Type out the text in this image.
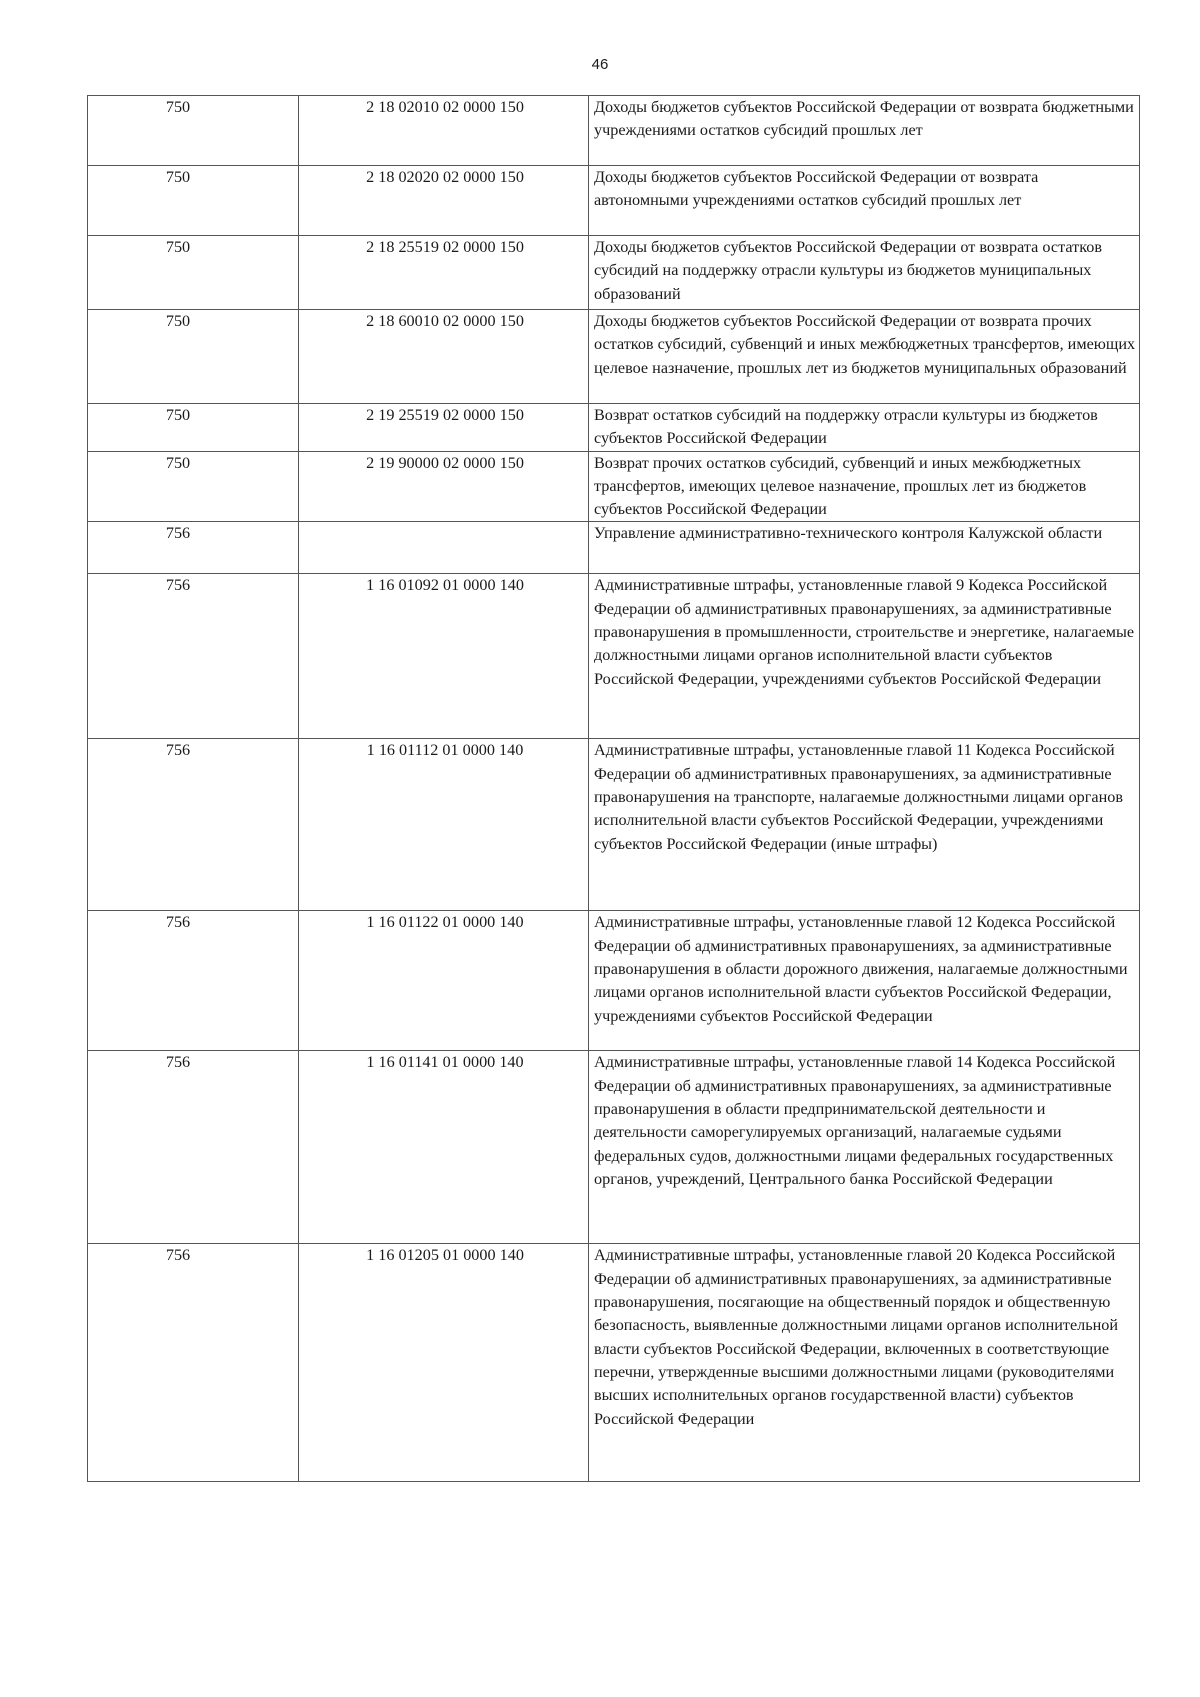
46
750	2 18 02010 02 0000 150	Доходы бюджетов субъектов Российской Федерации от возврата бюджетными учреждениями остатков субсидий прошлых лет
750	2 18 02020 02 0000 150	Доходы бюджетов субъектов Российской Федерации от возврата автономными учреждениями остатков субсидий прошлых лет
750	2 18 25519 02 0000 150	Доходы бюджетов субъектов Российской Федерации от возврата остатков субсидий на поддержку отрасли культуры из бюджетов муниципальных образований
750	2 18 60010 02 0000 150	Доходы бюджетов субъектов Российской Федерации от возврата прочих остатков субсидий, субвенций и иных межбюджетных трансфертов, имеющих целевое назначение, прошлых лет из бюджетов муниципальных образований
750	2 19 25519 02 0000 150	Возврат остатков субсидий на поддержку отрасли культуры из бюджетов субъектов Российской Федерации
750	2 19 90000 02 0000 150	Возврат прочих остатков субсидий, субвенций и иных межбюджетных трансфертов, имеющих целевое назначение, прошлых лет из бюджетов субъектов Российской Федерации
756		Управление административно-технического контроля Калужской области
756	1 16 01092 01 0000 140	Административные штрафы, установленные главой 9 Кодекса Российской Федерации об административных правонарушениях, за административные правонарушения в промышленности, строительстве и энергетике, налагаемые должностными лицами органов исполнительной власти субъектов Российской Федерации, учреждениями субъектов Российской Федерации
756	1 16 01112 01 0000 140	Административные штрафы, установленные главой 11 Кодекса Российской Федерации об административных правонарушениях, за административные правонарушения на транспорте, налагаемые должностными лицами органов исполнительной власти субъектов Российской Федерации, учреждениями субъектов Российской Федерации (иные штрафы)
756	1 16 01122 01 0000 140	Административные штрафы, установленные главой 12 Кодекса Российской Федерации об административных правонарушениях, за административные правонарушения в области дорожного движения, налагаемые должностными лицами органов исполнительной власти субъектов Российской Федерации, учреждениями субъектов Российской Федерации
756	1 16 01141 01 0000 140	Административные штрафы, установленные главой 14 Кодекса Российской Федерации об административных правонарушениях, за административные правонарушения в области предпринимательской деятельности и деятельности саморегулируемых организаций, налагаемые судьями федеральных судов, должностными лицами федеральных государственных органов, учреждений, Центрального банка Российской Федерации
756	1 16 01205 01 0000 140	Административные штрафы, установленные главой 20 Кодекса Российской Федерации об административных правонарушениях, за административные правонарушения, посягающие на общественный порядок и общественную безопасность, выявленные должностными лицами органов исполнительной власти субъектов Российской Федерации, включенных в соответствующие перечни, утвержденные высшими должностными лицами (руководителями высших исполнительных органов государственной власти) субъектов Российской Федерации
